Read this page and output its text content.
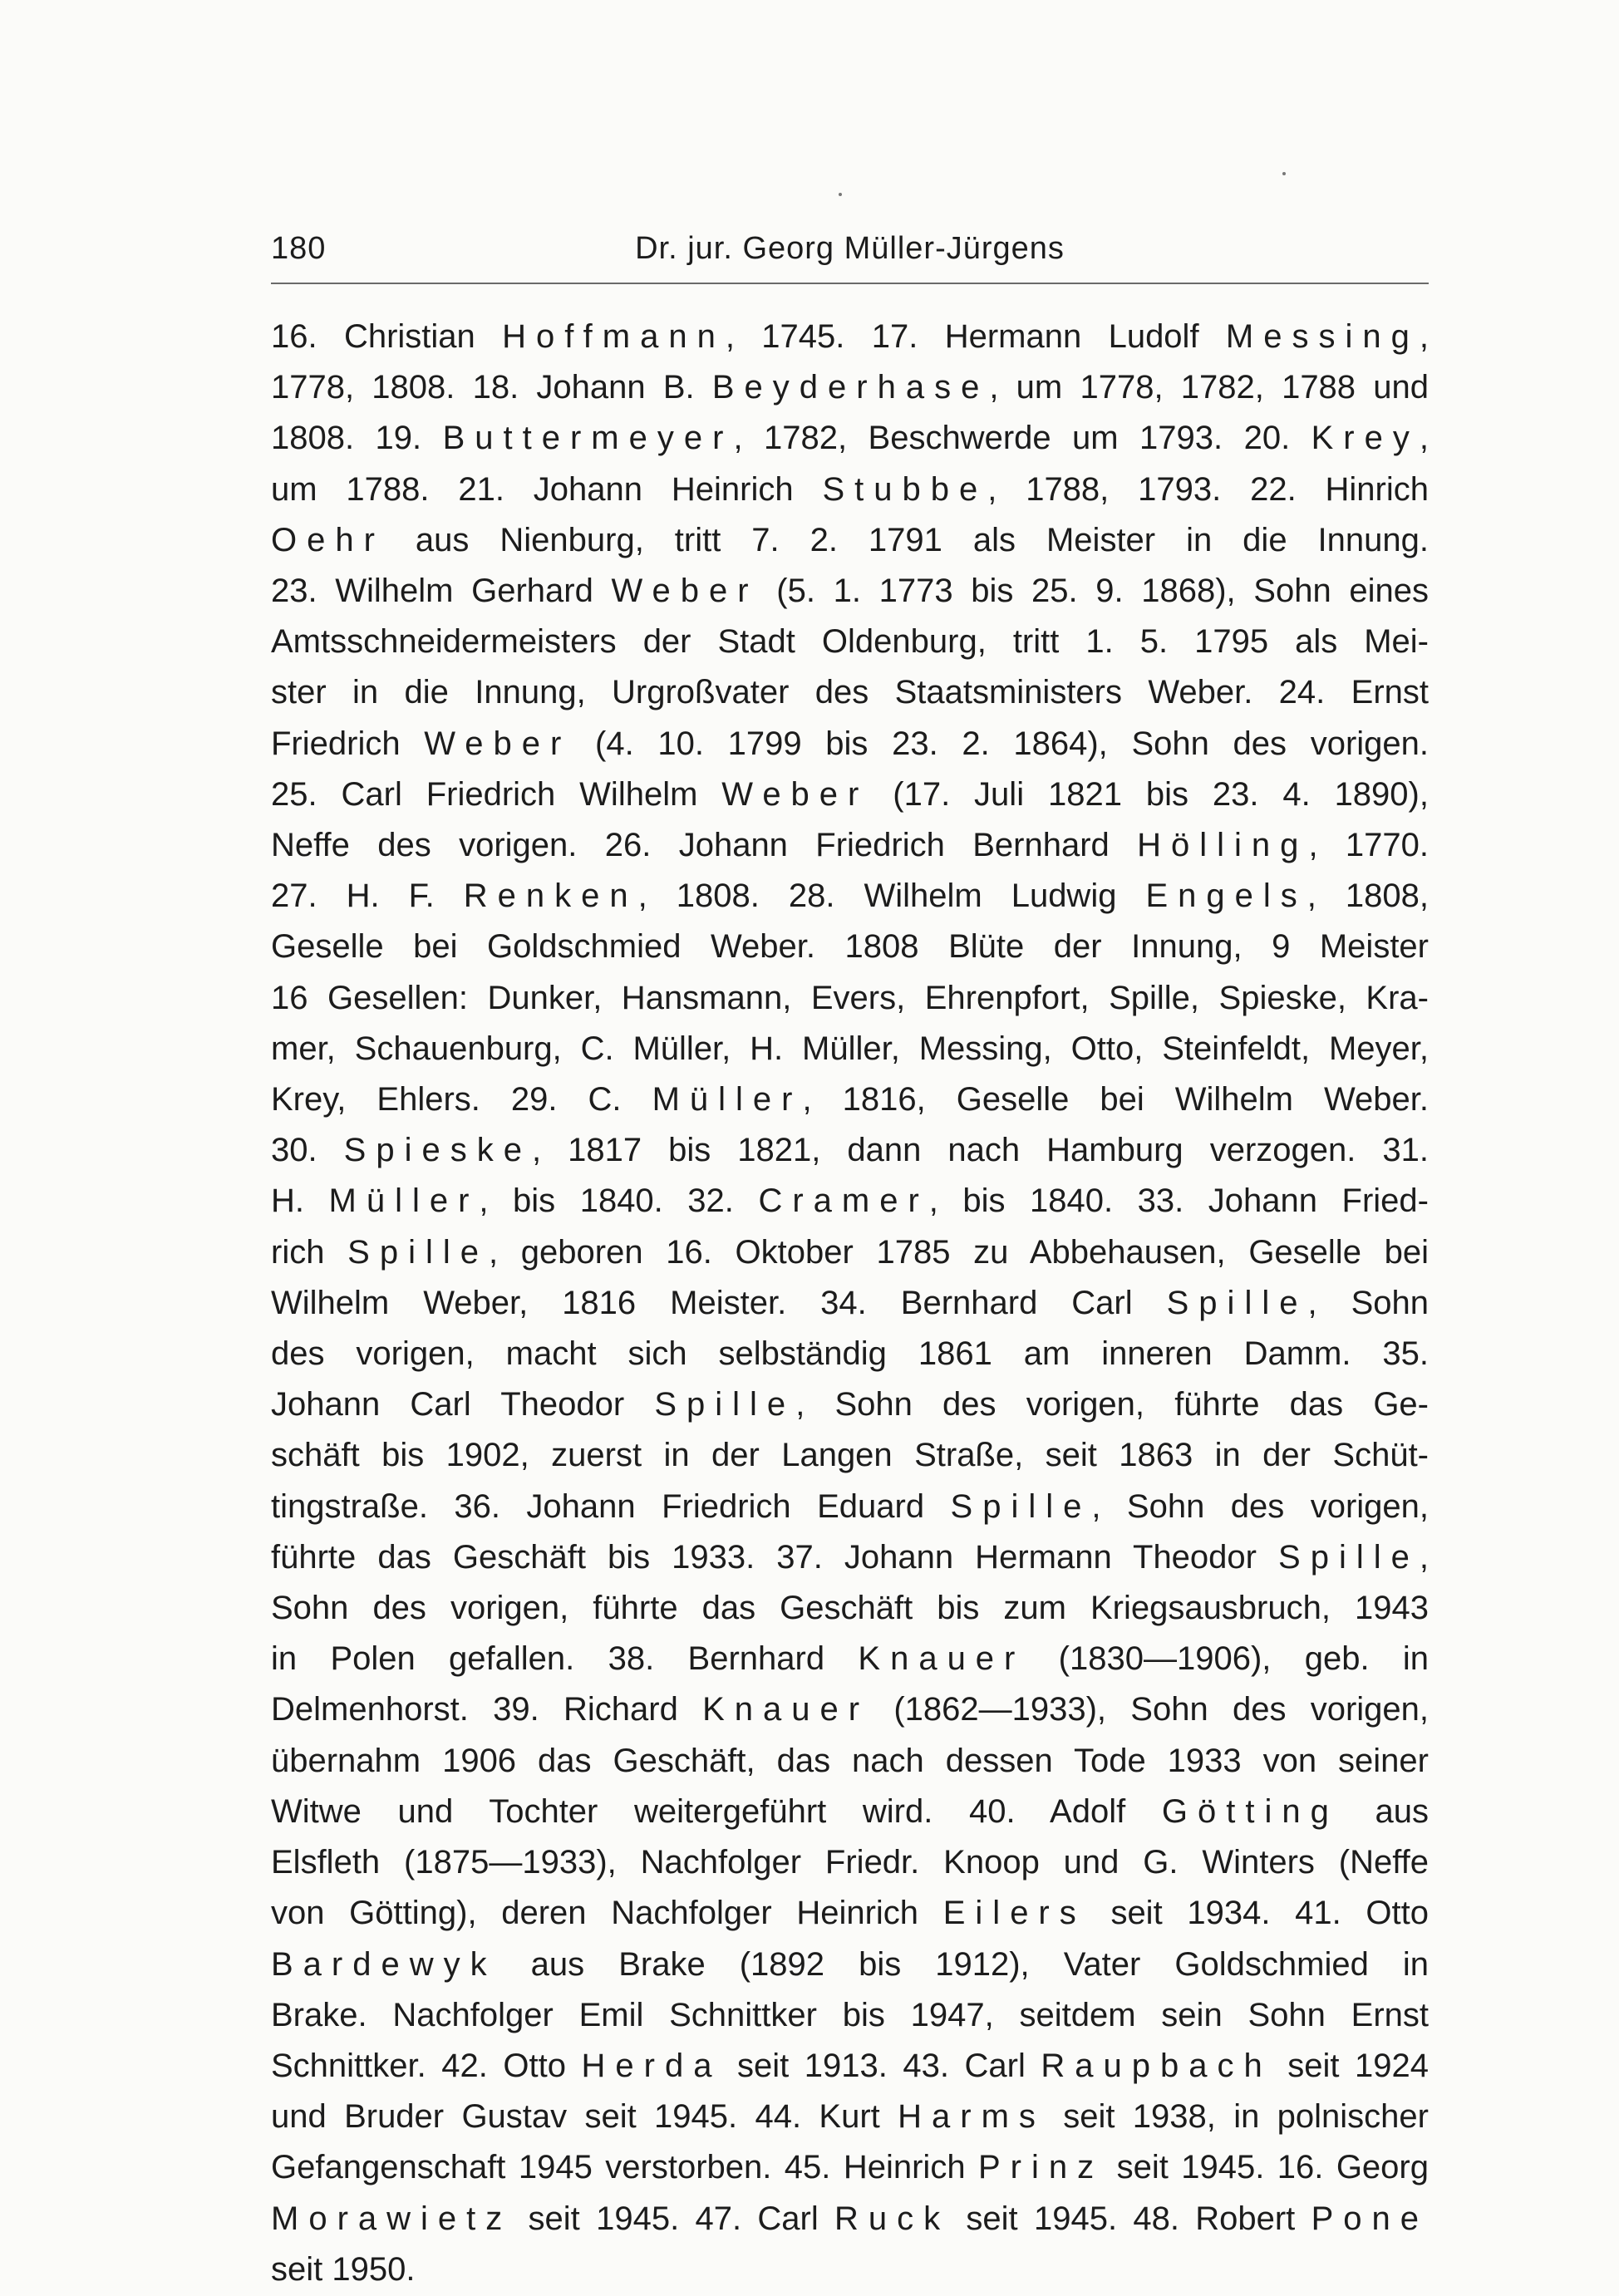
180	Dr. jur. Georg Müller-Jürgens
16. Christian Hoffmann, 1745. 17. Hermann Ludolf Messing,
1778, 1808. 18. Johann B. Beyderhase, um 1778, 1782, 1788 und
1808. 19. Buttermeyer, 1782, Beschwerde um 1793. 20. Krey,
um 1788. 21. Johann Heinrich Stubbe, 1788, 1793. 22. Hinrich
Oehr aus Nienburg, tritt 7. 2. 1791 als Meister in die Innung.
23. Wilhelm Gerhard Weber (5. 1. 1773 bis 25. 9. 1868), Sohn eines
Amtsschneidermeisters der Stadt Oldenburg, tritt 1. 5. 1795 als Mei-
ster in die Innung, Urgroßvater des Staatsministers Weber. 24. Ernst
Friedrich Weber (4. 10. 1799 bis 23. 2. 1864), Sohn des vorigen.
25. Carl Friedrich Wilhelm Weber (17. Juli 1821 bis 23. 4. 1890),
Neffe des vorigen. 26. Johann Friedrich Bernhard Hölling, 1770.
27. H. F. Renken, 1808. 28. Wilhelm Ludwig Engels, 1808,
Geselle bei Goldschmied Weber. 1808 Blüte der Innung, 9 Meister
16 Gesellen: Dunker, Hansmann, Evers, Ehrenpfort, Spille, Spieske, Kra-
mer, Schauenburg, C. Müller, H. Müller, Messing, Otto, Steinfeldt, Meyer,
Krey, Ehlers. 29. C. Müller, 1816, Geselle bei Wilhelm Weber.
30. Spieske, 1817 bis 1821, dann nach Hamburg verzogen. 31.
H. Müller, bis 1840. 32. Cramer, bis 1840. 33. Johann Fried-
rich Spille, geboren 16. Oktober 1785 zu Abbehausen, Geselle bei
Wilhelm Weber, 1816 Meister. 34. Bernhard Carl Spille, Sohn
des vorigen, macht sich selbständig 1861 am inneren Damm. 35.
Johann Carl Theodor Spille, Sohn des vorigen, führte das Ge-
schäft bis 1902, zuerst in der Langen Straße, seit 1863 in der Schüt-
tingstraße. 36. Johann Friedrich Eduard Spille, Sohn des vorigen,
führte das Geschäft bis 1933. 37. Johann Hermann Theodor Spille,
Sohn des vorigen, führte das Geschäft bis zum Kriegsausbruch, 1943
in Polen gefallen. 38. Bernhard Knauer (1830—1906), geb. in
Delmenhorst. 39. Richard Knauer (1862—1933), Sohn des vorigen,
übernahm 1906 das Geschäft, das nach dessen Tode 1933 von seiner
Witwe und Tochter weitergeführt wird. 40. Adolf Götting aus
Elsfleth (1875—1933), Nachfolger Friedr. Knoop und G. Winters (Neffe
von Götting), deren Nachfolger Heinrich Eilers seit 1934. 41. Otto
Bardewyk aus Brake (1892 bis 1912), Vater Goldschmied in
Brake. Nachfolger Emil Schnittker bis 1947, seitdem sein Sohn Ernst
Schnittker. 42. Otto Herda seit 1913. 43. Carl Raupbach seit 1924
und Bruder Gustav seit 1945. 44. Kurt Harms seit 1938, in polnischer
Gefangenschaft 1945 verstorben. 45. Heinrich Prinz seit 1945. 16. Georg
Morawietz seit 1945. 47. Carl Ruck seit 1945. 48. Robert Pone
seit 1950.
